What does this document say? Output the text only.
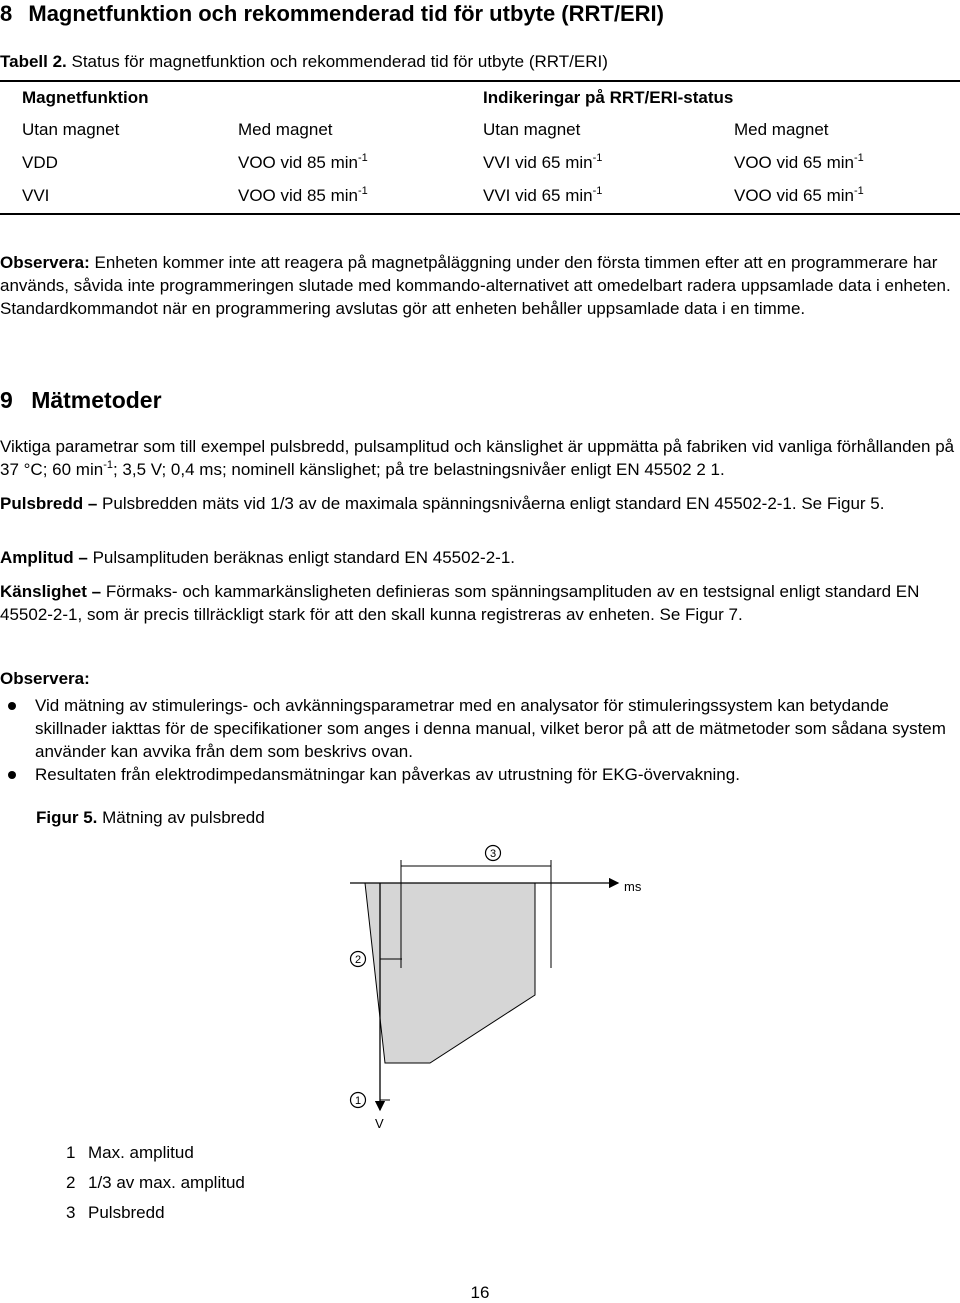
8 Magnetfunktion och rekommenderad tid för utbyte (RRT/ERI)
Tabell 2. Status för magnetfunktion och rekommenderad tid för utbyte (RRT/ERI)
Magnetfunktion	Indikeringar på RRT/ERI-status
Utan magnet	Med magnet	Utan magnet	Med magnet
VDD	VOO vid 85 $\min^{-1}$	VVI vid 65 $\min^{-1}$	VOO vid 65 $\min^{-1}$
VVI	VOO vid 85 $\min^{-1}$	VVI vid 65 $\min^{-1}$	VOO vid 65 $\min^{-1}$

Observera: Enheten kommer inte att reagera på magnetpåläggning under den första timmen efter att en programmerare har används, såvida inte programmeringen slutade med kommando-alternativet att omedelbart radera uppsamlade data i enheten. Standardkommandot när en programmering avslutas gör att enheten behåller uppsamlade data i en timme.

9 Mätmetoder

Viktiga parametrar som till exempel pulsbredd, pulsamplitud och känslighet är uppmätta på fabriken vid vanliga förhållanden på 37 °C; 60 $\min^{-1}$; 3,5 V; 0,4 ms; nominell känslighet; på tre belastningsnivåer enligt EN 45502 2 1.

Pulsbredd – Pulsbredden mäts vid 1/3 av de maximala spänningsnivåerna enligt standard EN 45502-2-1. Se Figur 5.

Amplitud – Pulsamplituden beräknas enligt standard EN 45502-2-1.

Känslighet – Förmaks- och kammarkänsligheten definieras som spänningsamplituden av en testsignal enligt standard EN 45502-2-1, som är precis tillräckligt stark för att den skall kunna registreras av enheten. Se Figur 7.

Observera:

Vid mätning av stimulerings- och avkänningsparametrar med en analysator för stimuleringssystem kan betydande skillnader iakttas för de specifikationer som anges i denna manual, vilket beror på att de mätmetoder som sådana system använder kan avvika från dem som beskrivs ovan.
Resultaten från elektrodimpedansmätningar kan påverkas av utrustning för EKG-övervakning.
Figur 5. Mätning av pulsbredd
3
2
1
ms
V
1 Max. amplitud
2 1/3 av max. amplitud
3 Pulsbredd
16
